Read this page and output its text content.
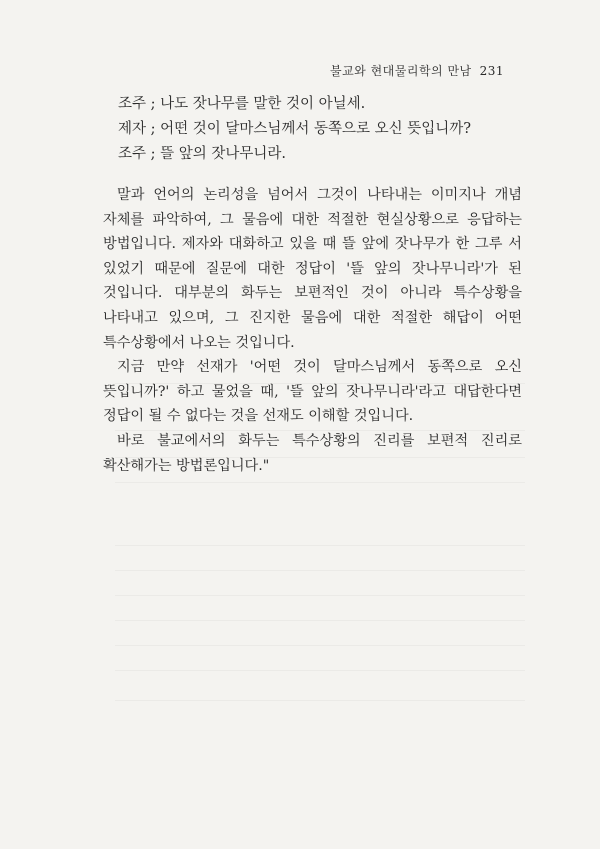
불교와 현대물리학의 만남 231
조주 ; 나도 잣나무를 말한 것이 아닐세.
제자 ; 어떤 것이 달마스님께서 동쪽으로 오신 뜻입니까?
조주 ; 뜰 앞의 잣나무니라.

말과 언어의 논리성을 넘어서 그것이 나타내는 이미지나 개념 자체를 파악하여, 그 물음에 대한 적절한 현실상황으로 응답하는 방법입니다. 제자와 대화하고 있을 때 뜰 앞에 잣나무가 한 그루 서 있었기 때문에 질문에 대한 정답이 '뜰 앞의 잣나무니라'가 된 것입니다. 대부분의 화두는 보편적인 것이 아니라 특수상황을 나타내고 있으며, 그 진지한 물음에 대한 적절한 해답이 어떤 특수상황에서 나오는 것입니다.

지금 만약 선재가 '어떤 것이 달마스님께서 동쪽으로 오신 뜻입니까?' 하고 물었을 때, '뜰 앞의 잣나무니라'라고 대답한다면 정답이 될 수 없다는 것을 선재도 이해할 것입니다.

바로 불교에서의 화두는 특수상황의 진리를 보편적 진리로 확산해가는 방법론입니다."
